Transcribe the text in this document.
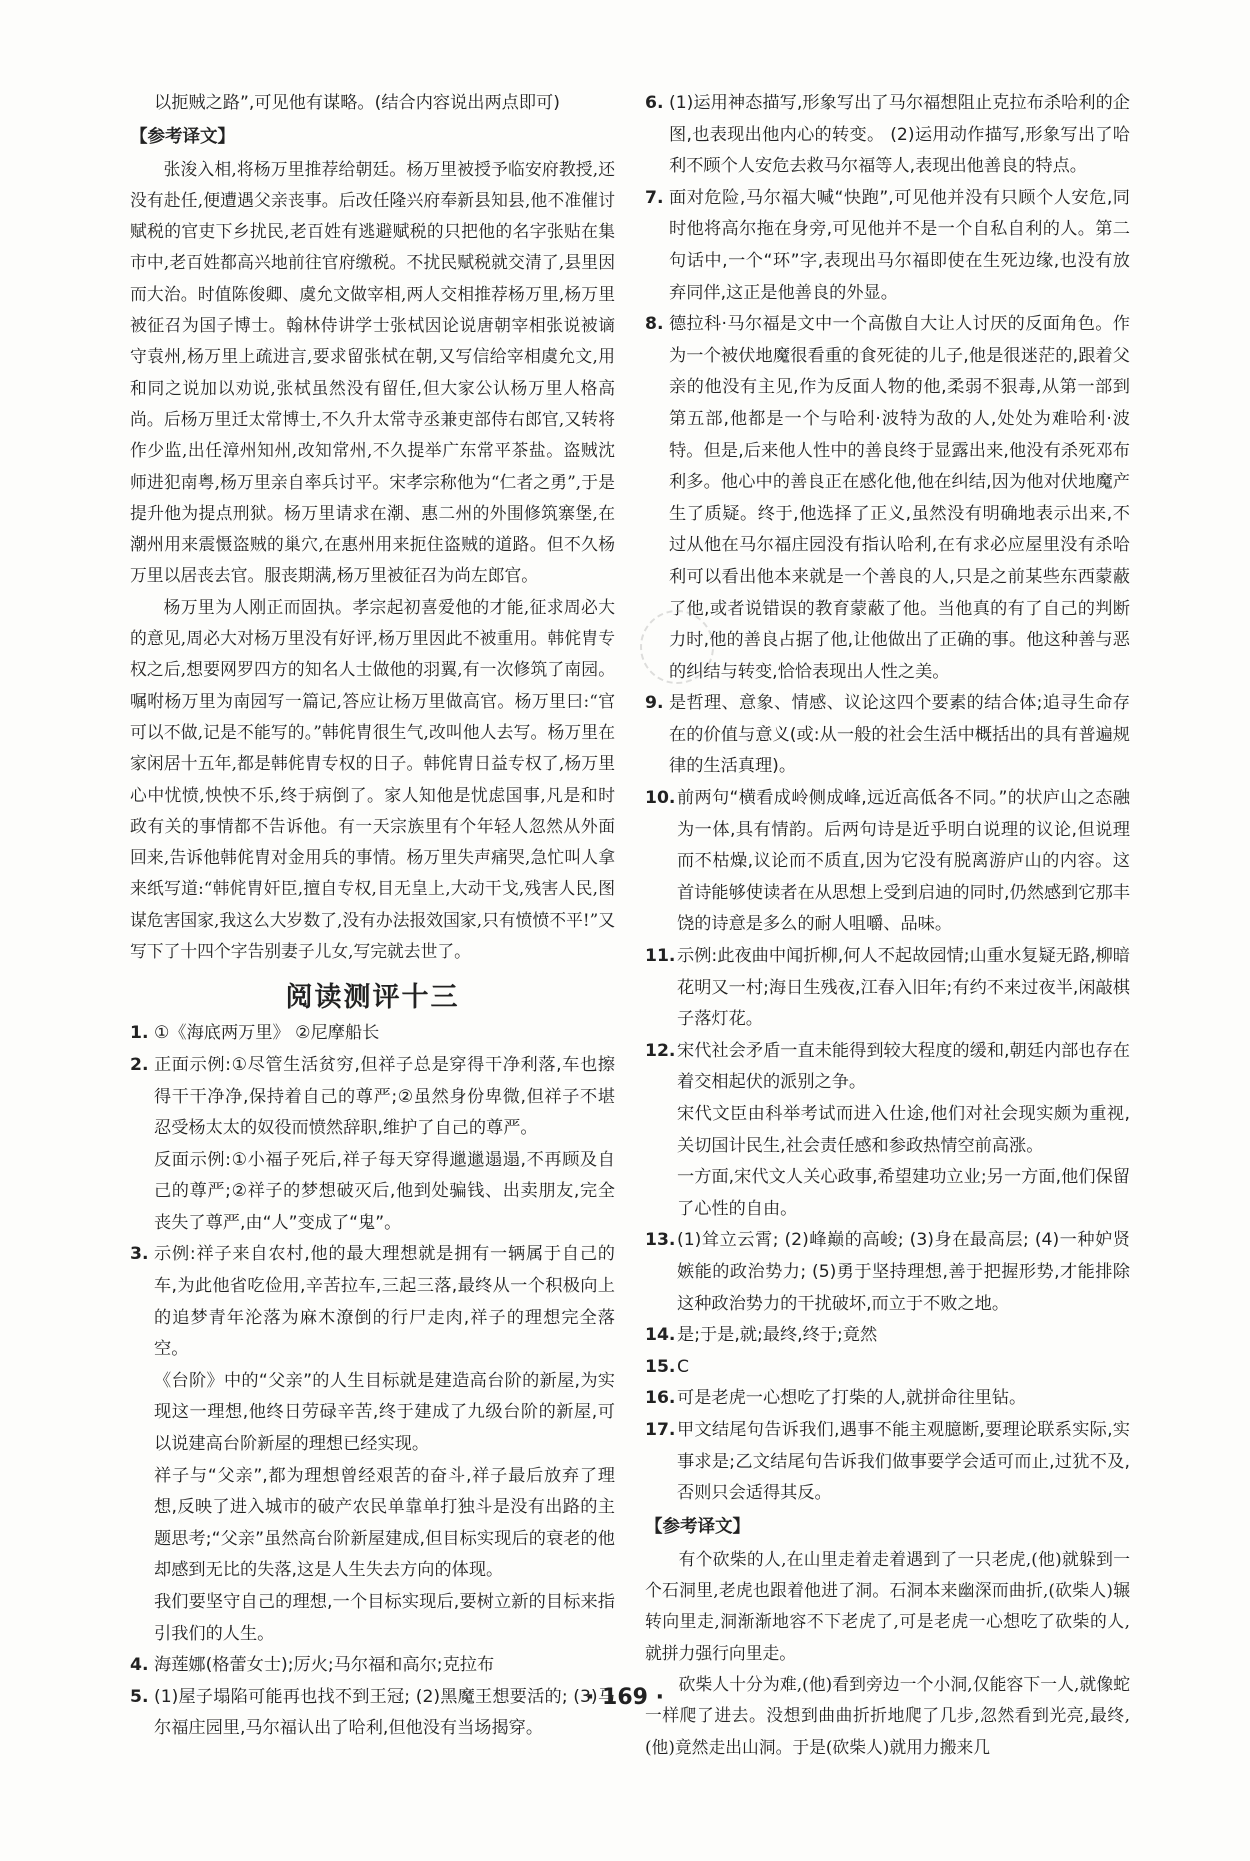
以扼贼之路”,可见他有谋略。(结合内容说出两点即可)

【参考译文】

张浚入相,将杨万里推荐给朝廷。杨万里被授予临安府教授,还没有赴任,便遭遇父亲丧事。后改任隆兴府奉新县知县,他不准催讨赋税的官吏下乡扰民,老百姓有逃避赋税的只把他的名字张贴在集市中,老百姓都高兴地前往官府缴税。不扰民赋税就交清了,县里因而大治。时值陈俊卿、虞允文做宰相,两人交相推荐杨万里,杨万里被征召为国子博士。翰林侍讲学士张栻因论说唐朝宰相张说被谪守袁州,杨万里上疏进言,要求留张栻在朝,又写信给宰相虞允文,用和同之说加以劝说,张栻虽然没有留任,但大家公认杨万里人格高尚。后杨万里迁太常博士,不久升太常寺丞兼吏部侍右郎官,又转将作少监,出任漳州知州,改知常州,不久提举广东常平茶盐。盗贼沈师进犯南粤,杨万里亲自率兵讨平。宋孝宗称他为“仁者之勇”,于是提升他为提点刑狱。杨万里请求在潮、惠二州的外围修筑寨堡,在潮州用来震慑盗贼的巢穴,在惠州用来扼住盗贼的道路。但不久杨万里以居丧去官。服丧期满,杨万里被征召为尚左郎官。

杨万里为人刚正而固执。孝宗起初喜爱他的才能,征求周必大的意见,周必大对杨万里没有好评,杨万里因此不被重用。韩侂胄专权之后,想要网罗四方的知名人士做他的羽翼,有一次修筑了南园。嘱咐杨万里为南园写一篇记,答应让杨万里做高官。杨万里曰:“官可以不做,记是不能写的。”韩侂胄很生气,改叫他人去写。杨万里在家闲居十五年,都是韩侂胄专权的日子。韩侂胄日益专权了,杨万里心中忧愤,怏怏不乐,终于病倒了。家人知他是忧虑国事,凡是和时政有关的事情都不告诉他。有一天宗族里有个年轻人忽然从外面回来,告诉他韩侂胄对金用兵的事情。杨万里失声痛哭,急忙叫人拿来纸写道:“韩侂胄奸臣,擅自专权,目无皇上,大动干戈,残害人民,图谋危害国家,我这么大岁数了,没有办法报效国家,只有愤愤不平!”又写下了十四个字告别妻子儿女,写完就去世了。

阅读测评十三
1. ①《海底两万里》 ②尼摩船长
2. 正面示例:①尽管生活贫穷,但祥子总是穿得干净利落,车也擦得干干净净,保持着自己的尊严;②虽然身份卑微,但祥子不堪忍受杨太太的奴役而愤然辞职,维护了自己的尊严。

反面示例:①小福子死后,祥子每天穿得邋邋遢遢,不再顾及自己的尊严;②祥子的梦想破灭后,他到处骗钱、出卖朋友,完全丧失了尊严,由“人”变成了“鬼”。

3. 示例:祥子来自农村,他的最大理想就是拥有一辆属于自己的车,为此他省吃俭用,辛苦拉车,三起三落,最终从一个积极向上的追梦青年沦落为麻木潦倒的行尸走肉,祥子的理想完全落空。

《台阶》中的“父亲”的人生目标就是建造高台阶的新屋,为实现这一理想,他终日劳碌辛苦,终于建成了九级台阶的新屋,可以说建高台阶新屋的理想已经实现。

祥子与“父亲”,都为理想曾经艰苦的奋斗,祥子最后放弃了理想,反映了进入城市的破产农民单靠单打独斗是没有出路的主题思考;“父亲”虽然高台阶新屋建成,但目标实现后的衰老的他却感到无比的失落,这是人生失去方向的体现。

我们要坚守自己的理想,一个目标实现后,要树立新的目标来指引我们的人生。

4. 海莲娜(格蕾女士);厉火;马尔福和高尔;克拉布
5. (1)屋子塌陷可能再也找不到王冠; (2)黑魔王想要活的; (3)马尔福庄园里,马尔福认出了哈利,但他没有当场揭穿。
6. (1)运用神态描写,形象写出了马尔福想阻止克拉布杀哈利的企图,也表现出他内心的转变。 (2)运用动作描写,形象写出了哈利不顾个人安危去救马尔福等人,表现出他善良的特点。
7. 面对危险,马尔福大喊“快跑”,可见他并没有只顾个人安危,同时他将高尔拖在身旁,可见他并不是一个自私自利的人。第二句话中,一个“环”字,表现出马尔福即使在生死边缘,也没有放弃同伴,这正是他善良的外显。
8. 德拉科·马尔福是文中一个高傲自大让人讨厌的反面角色。作为一个被伏地魔很看重的食死徒的儿子,他是很迷茫的,跟着父亲的他没有主见,作为反面人物的他,柔弱不狠毒,从第一部到第五部,他都是一个与哈利·波特为敌的人,处处为难哈利·波特。但是,后来他人性中的善良终于显露出来,他没有杀死邓布利多。他心中的善良正在感化他,他在纠结,因为他对伏地魔产生了质疑。终于,他选择了正义,虽然没有明确地表示出来,不过从他在马尔福庄园没有指认哈利,在有求必应屋里没有杀哈利可以看出他本来就是一个善良的人,只是之前某些东西蒙蔽了他,或者说错误的教育蒙蔽了他。当他真的有了自己的判断力时,他的善良占据了他,让他做出了正确的事。他这种善与恶的纠结与转变,恰恰表现出人性之美。
9. 是哲理、意象、情感、议论这四个要素的结合体;追寻生命存在的价值与意义(或:从一般的社会生活中概括出的具有普遍规律的生活真理)。
10. 前两句“横看成岭侧成峰,远近高低各不同。”的状庐山之态融为一体,具有情韵。后两句诗是近乎明白说理的议论,但说理而不枯燥,议论而不质直,因为它没有脱离游庐山的内容。这首诗能够使读者在从思想上受到启迪的同时,仍然感到它那丰饶的诗意是多么的耐人咀嚼、品味。
11. 示例:此夜曲中闻折柳,何人不起故园情;山重水复疑无路,柳暗花明又一村;海日生残夜,江春入旧年;有约不来过夜半,闲敲棋子落灯花。
12. 宋代社会矛盾一直未能得到较大程度的缓和,朝廷内部也存在着交相起伏的派别之争。

宋代文臣由科举考试而进入仕途,他们对社会现实颇为重视,关切国计民生,社会责任感和参政热情空前高涨。

一方面,宋代文人关心政事,希望建功立业;另一方面,他们保留了心性的自由。

13. (1)耸立云霄; (2)峰巅的高峻; (3)身在最高层; (4)一种妒贤嫉能的政治势力; (5)勇于坚持理想,善于把握形势,才能排除这种政治势力的干扰破坏,而立于不败之地。
14. 是;于是,就;最终,终于;竟然
15. C
16. 可是老虎一心想吃了打柴的人,就拼命往里钻。
17. 甲文结尾句告诉我们,遇事不能主观臆断,要理论联系实际,实事求是;乙文结尾句告诉我们做事要学会适可而止,过犹不及,否则只会适得其反。
【参考译文】

有个砍柴的人,在山里走着走着遇到了一只老虎,(他)就躲到一个石洞里,老虎也跟着他进了洞。石洞本来幽深而曲折,(砍柴人)辗转向里走,洞渐渐地容不下老虎了,可是老虎一心想吃了砍柴的人,就拼力强行向里走。

砍柴人十分为难,(他)看到旁边一个小洞,仅能容下一人,就像蛇一样爬了进去。没想到曲曲折折地爬了几步,忽然看到光亮,最终,(他)竟然走出山洞。于是(砍柴人)就用力搬来几

· 169 ·
